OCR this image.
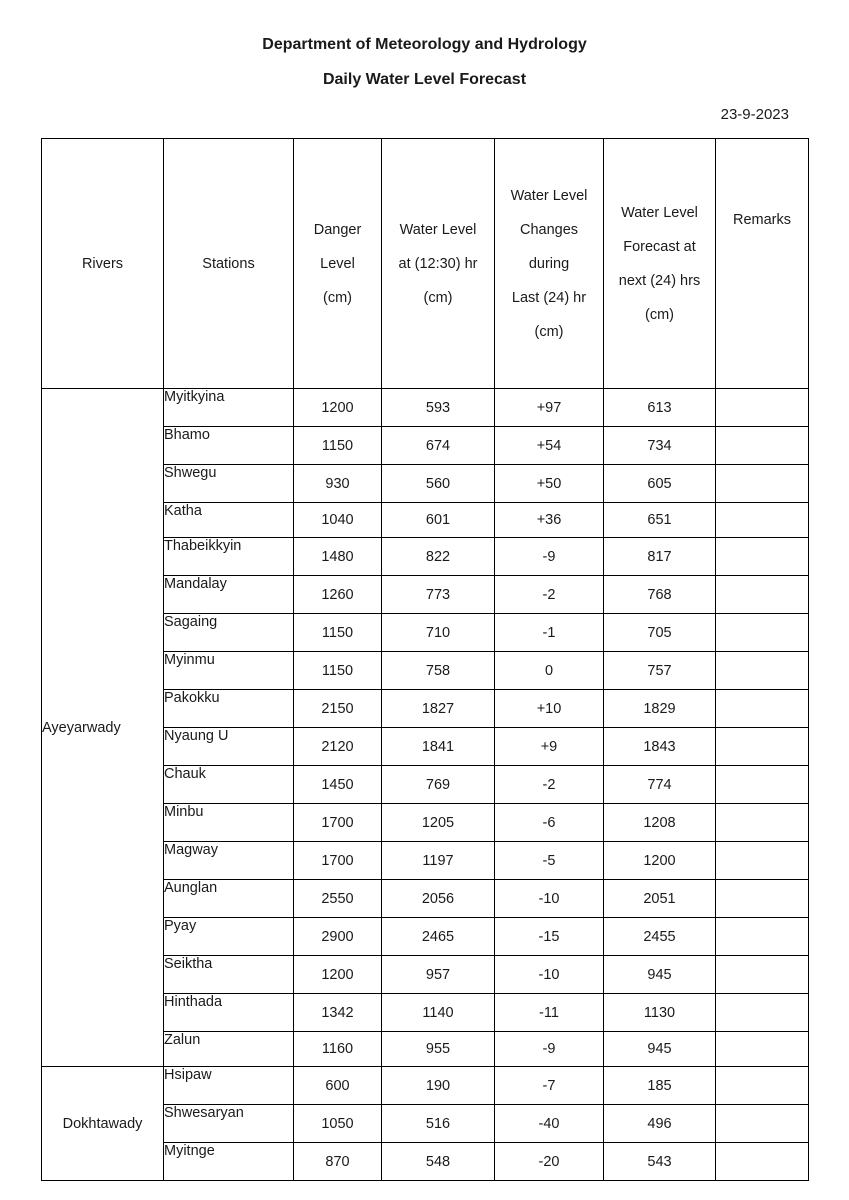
Department of Meteorology and Hydrology
Daily Water Level Forecast
23-9-2023
Rivers	Stations	Danger
Level
(cm)	Water Level
at (12:30) hr
(cm)	Water Level
Changes
during
Last (24) hr
(cm)	Water Level
Forecast at
next (24) hrs
(cm)	Remarks

Ayeyarwady	Myitkyina	1200	593	+97	613	
	Bhamo	1150	674	+54	734	
	Shwegu	930	560	+50	605	
	Katha	1040	601	+36	651	
	Thabeikkyin	1480	822	-9	817	
	Mandalay	1260	773	-2	768	
	Sagaing	1150	710	-1	705	
	Myinmu	1150	758	0	757	
	Pakokku	2150	1827	+10	1829	
	Nyaung U	2120	1841	+9	1843	
	Chauk	1450	769	-2	774	
	Minbu	1700	1205	-6	1208	
	Magway	1700	1197	-5	1200	
	Aunglan	2550	2056	-10	2051	
	Pyay	2900	2465	-15	2455	
	Seiktha	1200	957	-10	945	
	Hinthada	1342	1140	-11	1130	
	Zalun	1160	955	-9	945	
Dokhtawady	Hsipaw	600	190	-7	185	
	Shwesaryan	1050	516	-40	496	
	Myitnge	870	548	-20	543	
